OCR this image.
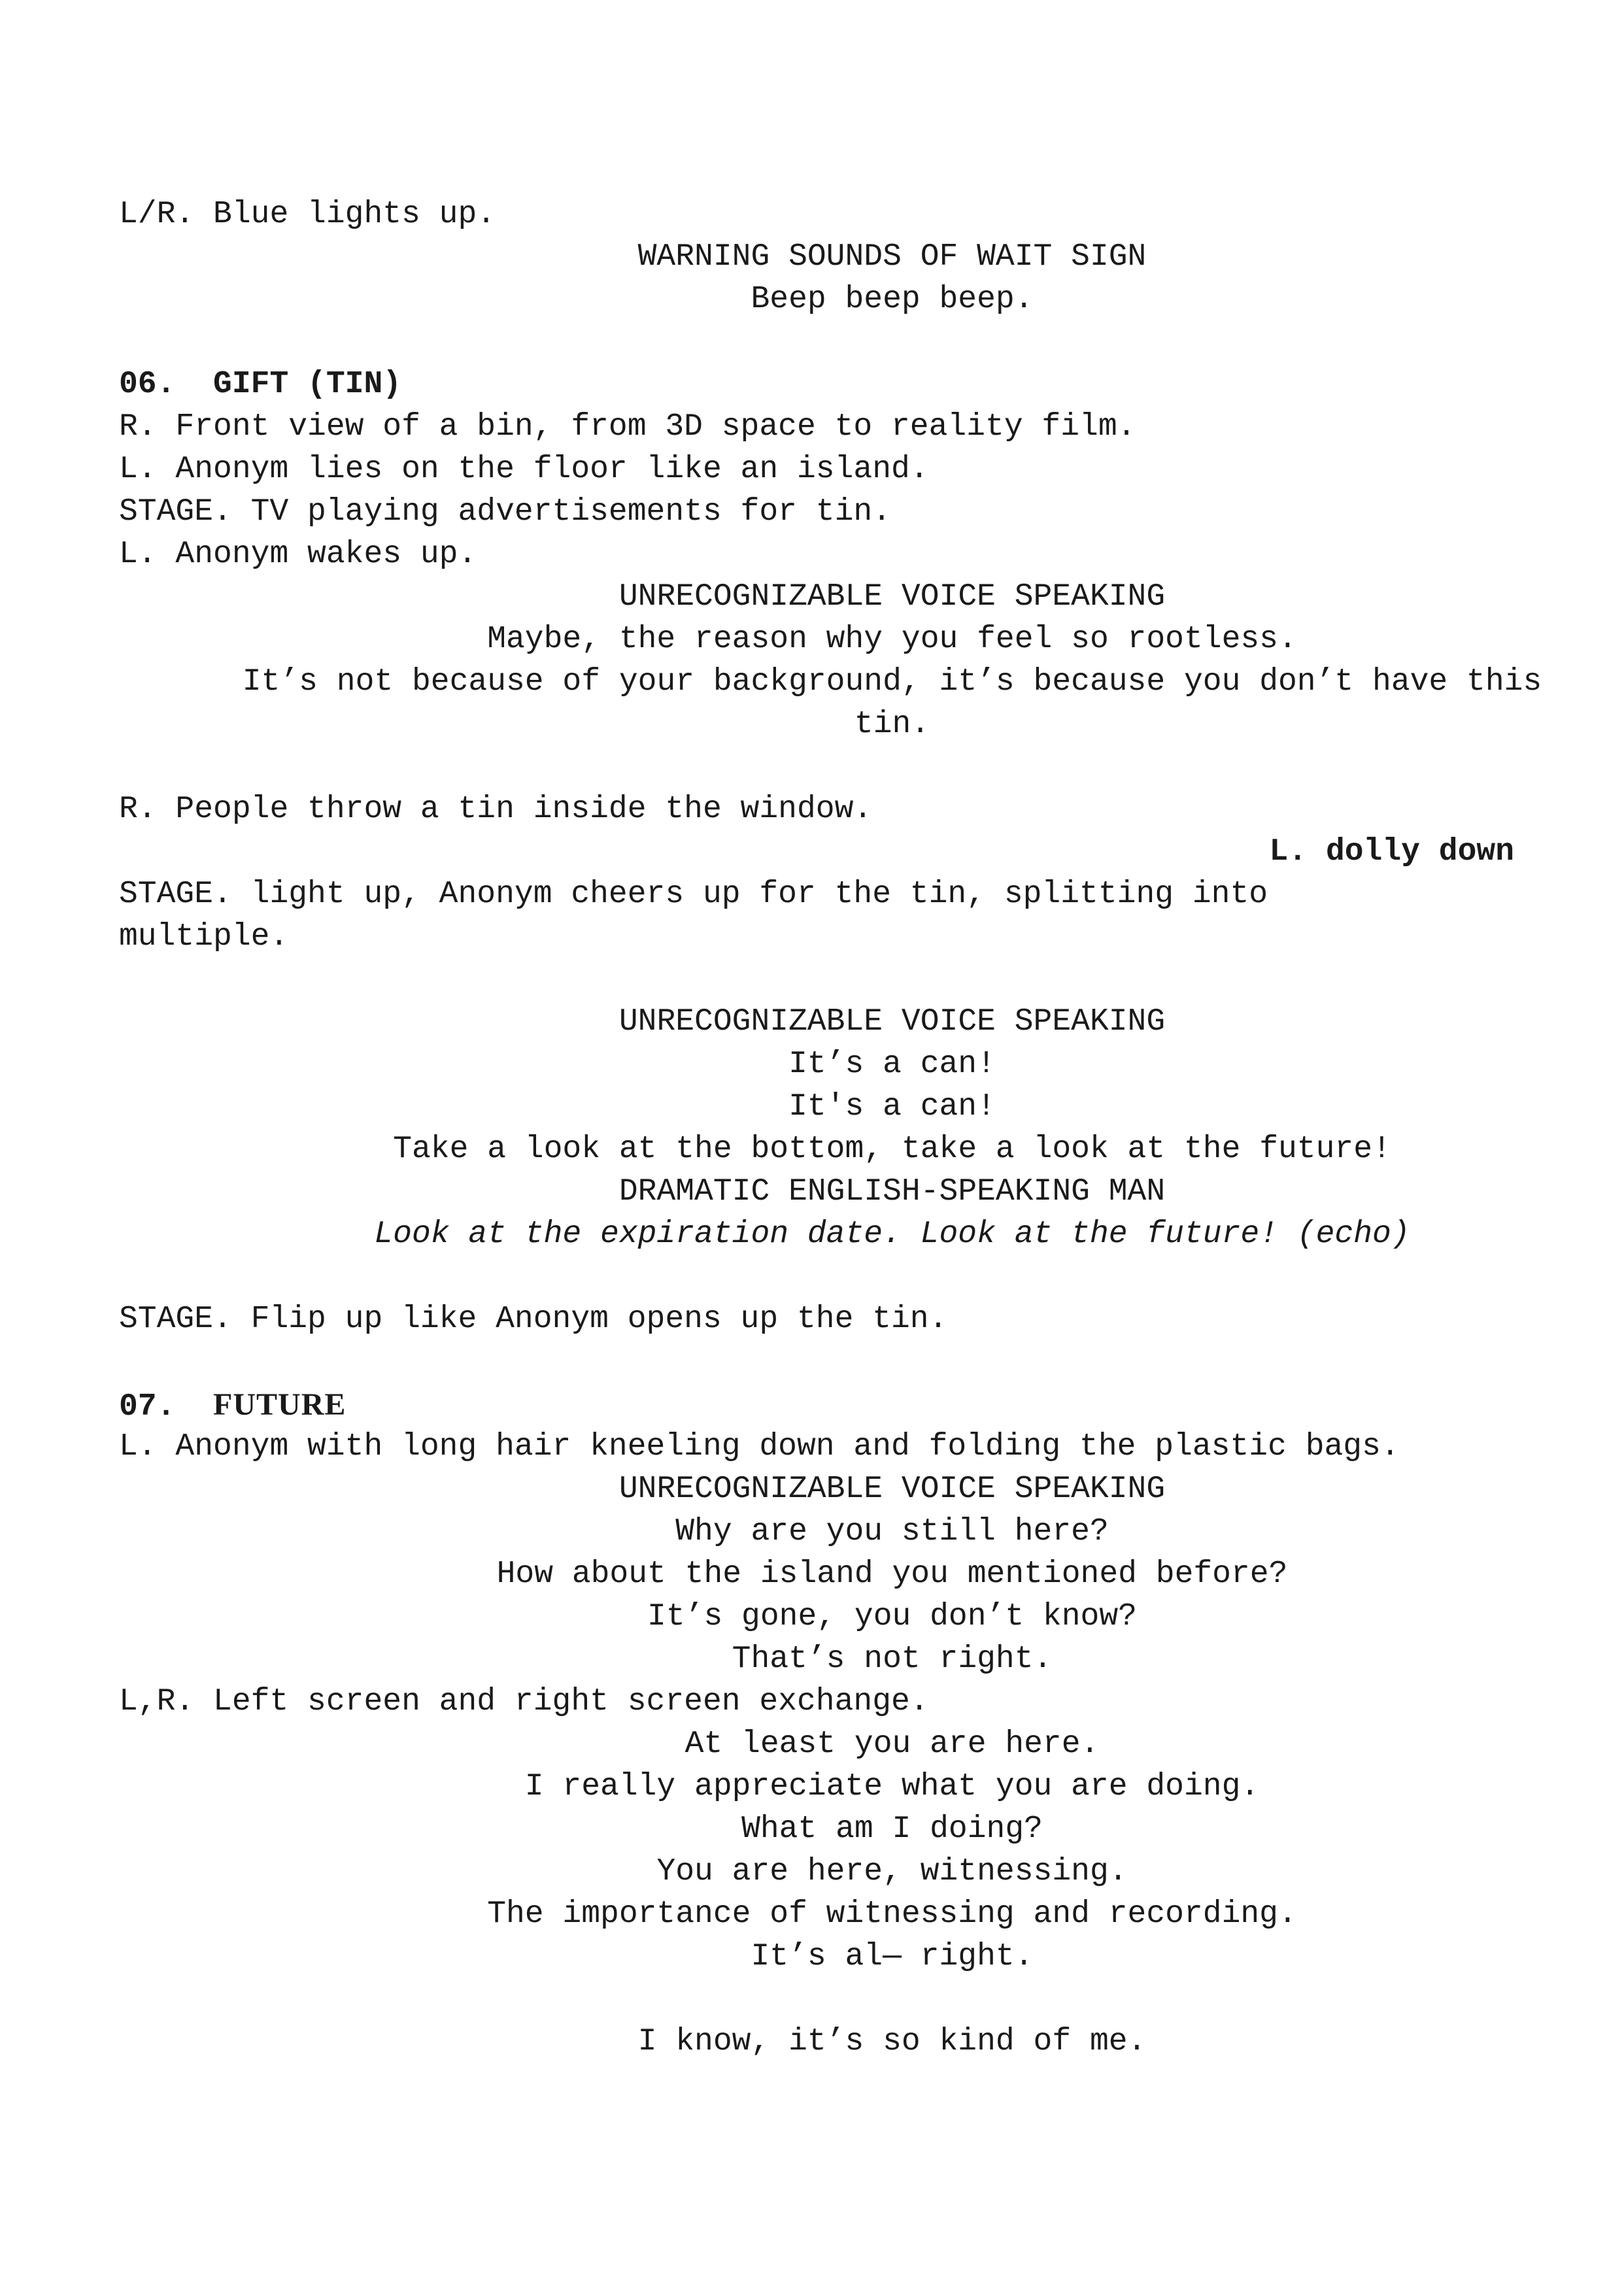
L/R. Blue lights up.
WARNING SOUNDS OF WAIT SIGN
Beep beep beep.
06. GIFT (TIN)
R. Front view of a bin, from 3D space to reality film.
L. Anonym lies on the floor like an island.
STAGE. TV playing advertisements for tin.
L. Anonym wakes up.
UNRECOGNIZABLE VOICE SPEAKING
Maybe, the reason why you feel so rootless.
It’s not because of your background, it’s because you don’t have this
tin.
R. People throw a tin inside the window.
L. dolly down
STAGE. light up, Anonym cheers up for the tin, splitting into
multiple.
UNRECOGNIZABLE VOICE SPEAKING
It’s a can!
It's a can!
Take a look at the bottom, take a look at the future!
DRAMATIC ENGLISH-SPEAKING MAN
Look at the expiration date. Look at the future! (echo)
STAGE. Flip up like Anonym opens up the tin.
07. FUTURE
L. Anonym with long hair kneeling down and folding the plastic bags.
UNRECOGNIZABLE VOICE SPEAKING
Why are you still here?
How about the island you mentioned before?
It’s gone, you don’t know?
That’s not right.
L,R. Left screen and right screen exchange.
At least you are here.
I really appreciate what you are doing.
What am I doing?
You are here, witnessing.
The importance of witnessing and recording.
It’s al— right.
I know, it’s so kind of me.
